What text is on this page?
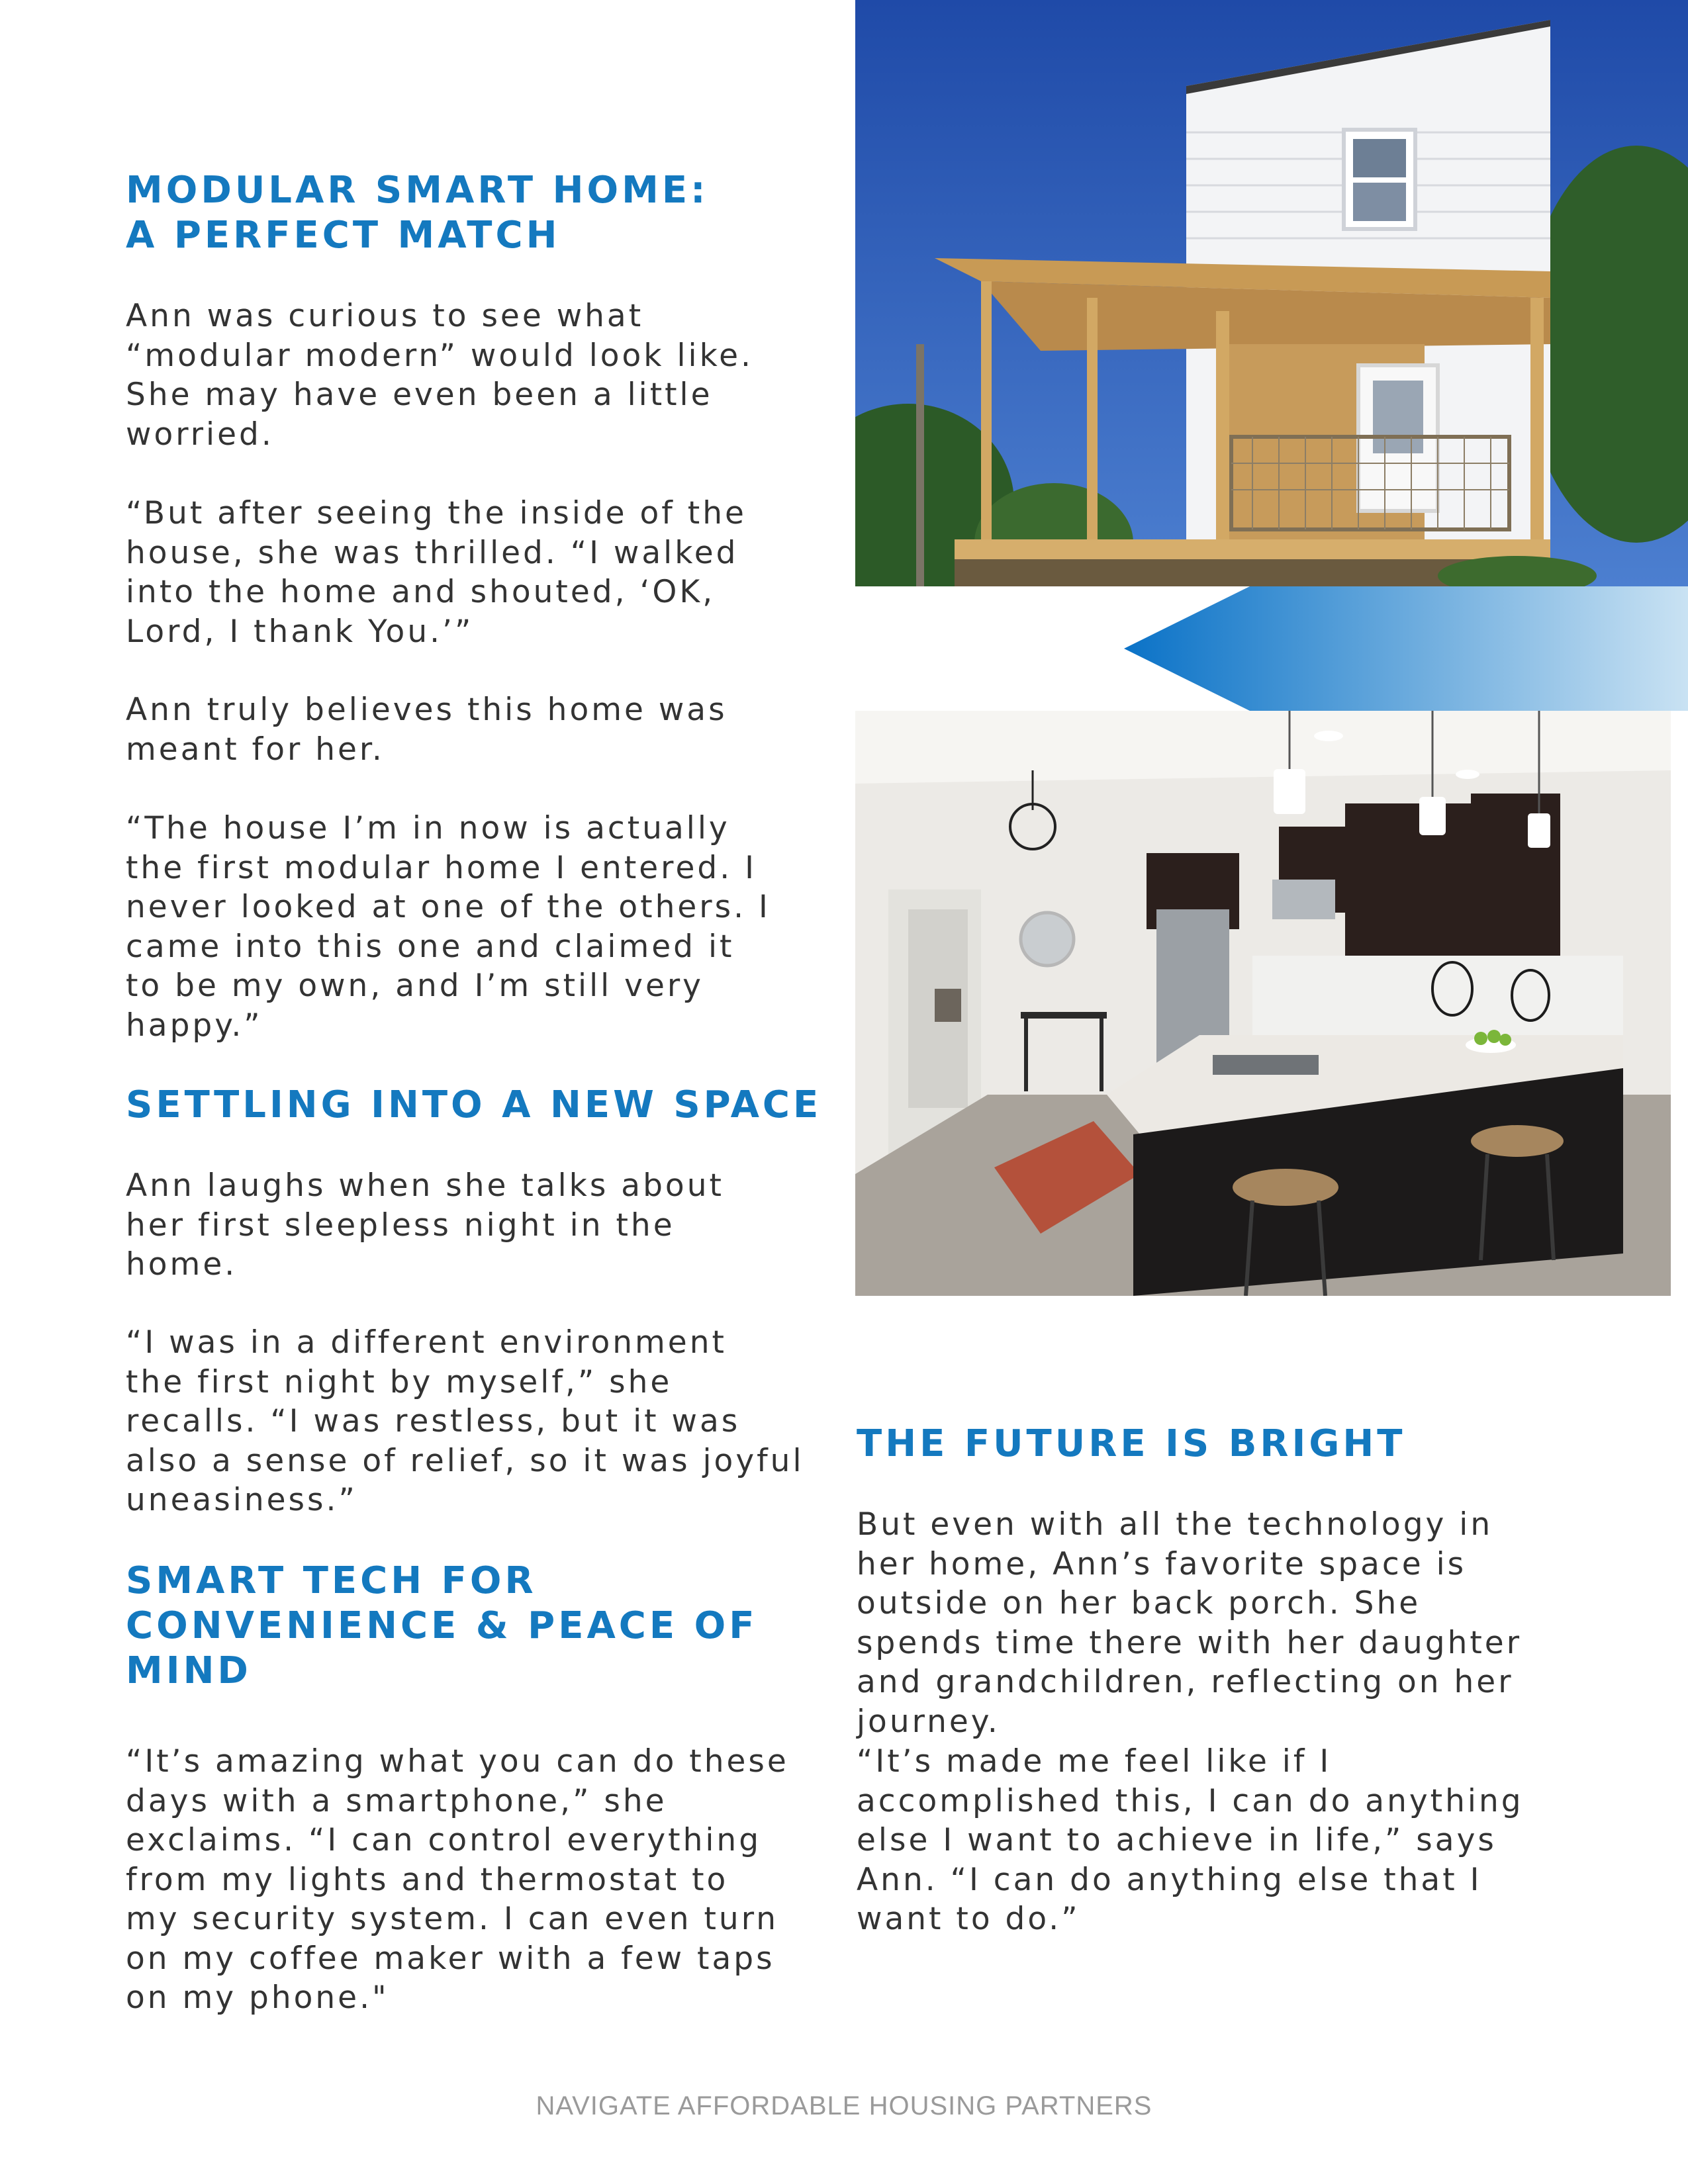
MODULAR SMART HOME:
A PERFECT MATCH

Ann was curious to see what
“modular modern” would look like.
She may have even been a little
worried.

“But after seeing the inside of the
house, she was thrilled. “I walked
into the home and shouted, ‘OK,
Lord, I thank You.’”

Ann truly believes this home was
meant for her.

“The house I’m in now is actually
the first modular home I entered. I
never looked at one of the others. I
came into this one and claimed it
to be my own, and I’m still very
happy.”

SETTLING INTO A NEW SPACE

Ann laughs when she talks about
her first sleepless night in the
home.

“I was in a different environment
the first night by myself,” she
recalls. “I was restless, but it was
also a sense of relief, so it was joyful
uneasiness.”

SMART TECH FOR
CONVENIENCE & PEACE OF
MIND

“It’s amazing what you can do these
days with a smartphone,” she
exclaims. “I can control everything
from my lights and thermostat to
my security system. I can even turn
on my coffee maker with a few taps
on my phone."

THE FUTURE IS BRIGHT

But even with all the technology in
her home, Ann’s favorite space is
outside on her back porch. She
spends time there with her daughter
and grandchildren, reflecting on her
journey.

“It’s made me feel like if I
accomplished this, I can do anything
else I want to achieve in life,” says
Ann. “I can do anything else that I
want to do.”

NAVIGATE AFFORDABLE HOUSING PARTNERS
